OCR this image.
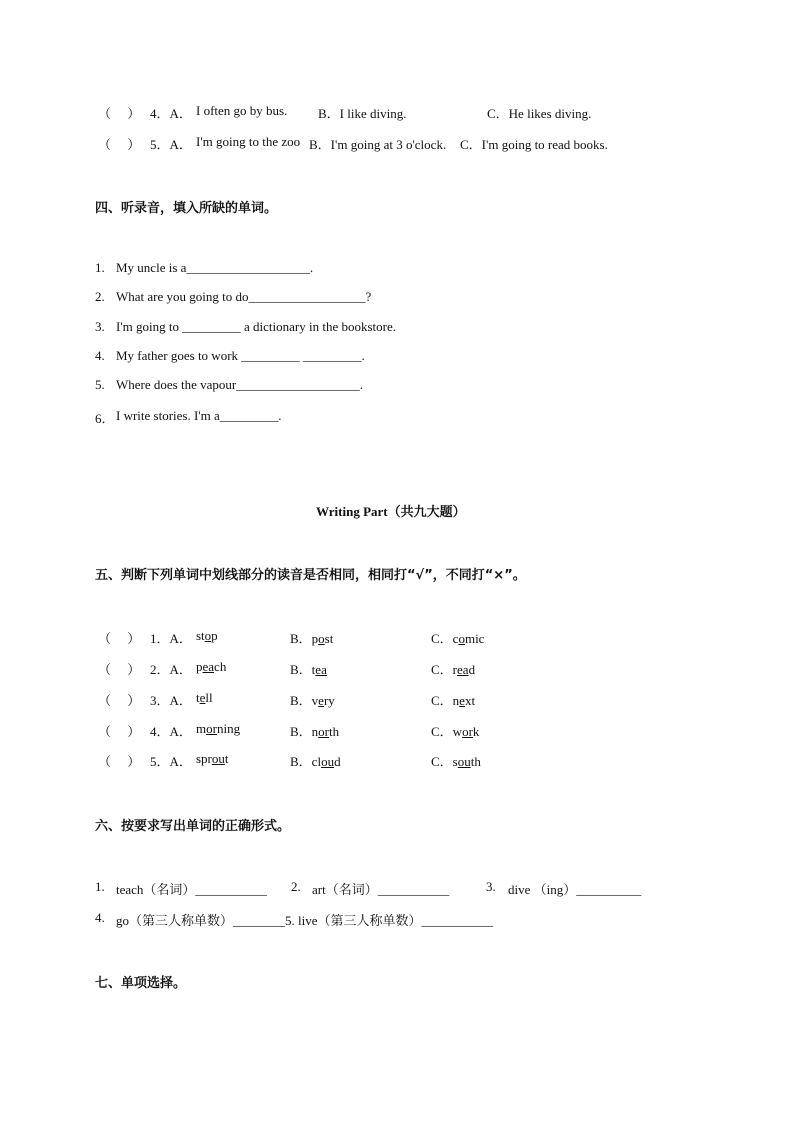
（　 ） 4．A． I often go by bus. B．I like diving.	C．He likes diving.
（　 ） 5．A． I'm going to the zoo B．I'm going at 3 o'clock. C．I'm going to read books.
四、听录音，填入所缺的单词。
1. My uncle is a___________________.
2. What are you going to do__________________?
3. I'm going to _________ a dictionary in the bookstore.
4. My father goes to work _________ _________.
5. Where does the vapour___________________.
6． I write stories. I'm a_________.
Writing Part（共九大题）
五、判断下列单词中划线部分的读音是否相同，相同打“√”，不同打“×”。
（　 ） 1．A． stop	B．post	C．comic
（　 ） 2．A． peach	B．tea	C．read
（　 ） 3．A． tell	B．very	C．next
（　 ） 4．A． morning	B．north	C．work
（　 ） 5．A． sprout	B．cloud	C．south
六、按要求写出单词的正确形式。
1. teach（名词）___________ 2. art（名词）___________	3. dive （ing）__________
4. go（第三人称单数）________5. live（第三人称单数）___________
七、单项选择。
